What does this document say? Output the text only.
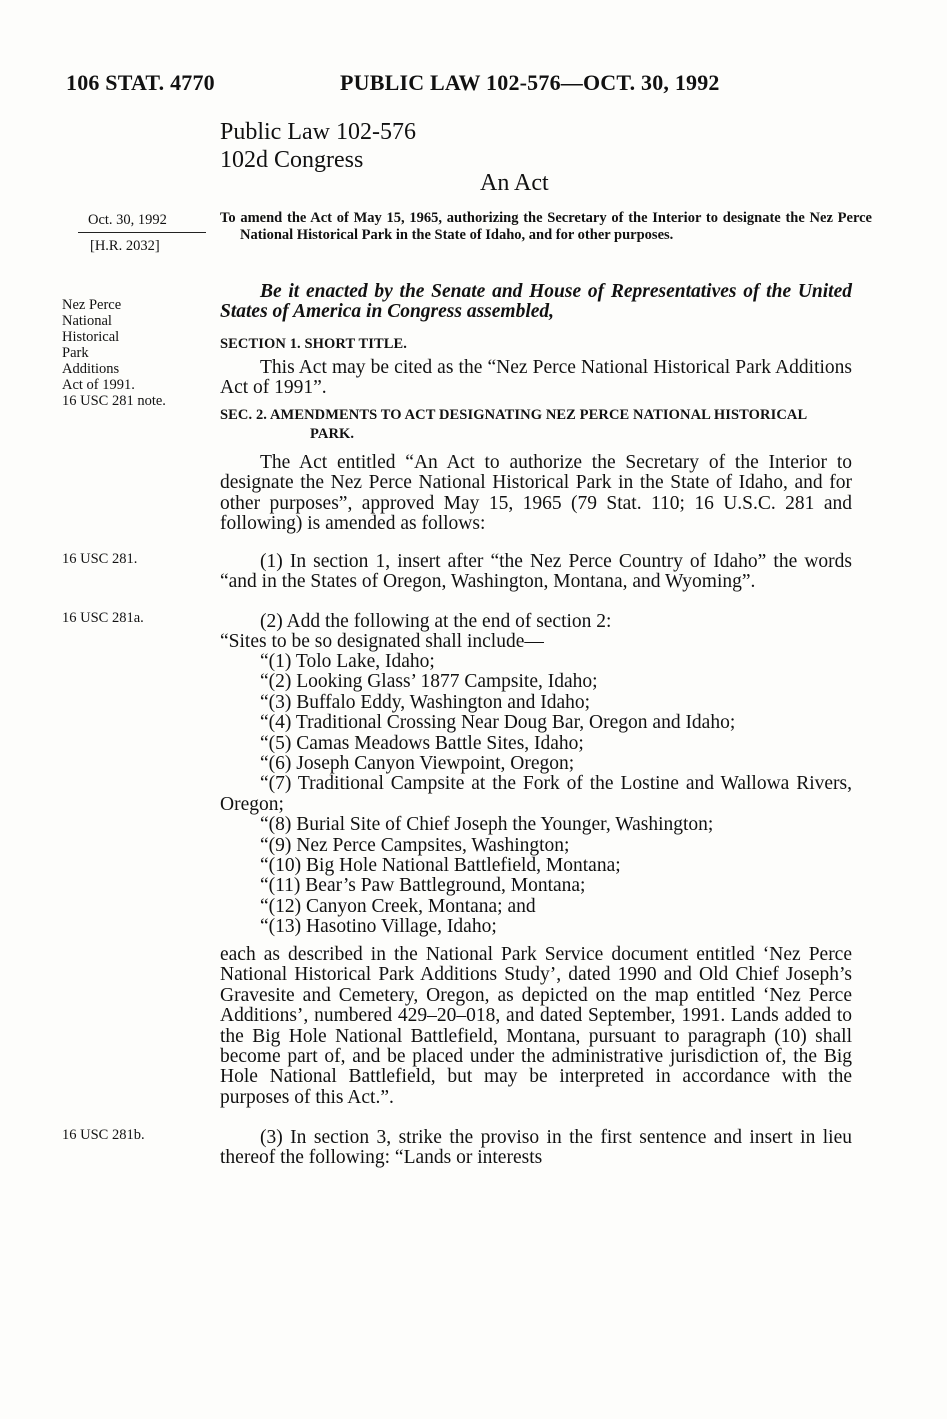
106 STAT. 4770	PUBLIC LAW 102-576—OCT. 30, 1992
Public Law 102-576
102d Congress
An Act
Oct. 30, 1992
[H.R. 2032]
Nez Perce
National
Historical
Park
Additions
Act of 1991.
16 USC 281 note.
16 USC 281.
16 USC 281a.
16 USC 281b.
To amend the Act of May 15, 1965, authorizing the Secretary of the Interior to designate the Nez Perce National Historical Park in the State of Idaho, and for other purposes.
Be it enacted by the Senate and House of Representatives of the United States of America in Congress assembled,
SECTION 1. SHORT TITLE.
This Act may be cited as the “Nez Perce National Historical Park Additions Act of 1991”.
SEC. 2. AMENDMENTS TO ACT DESIGNATING NEZ PERCE NATIONAL HISTORICAL PARK.
The Act entitled “An Act to authorize the Secretary of the Interior to designate the Nez Perce National Historical Park in the State of Idaho, and for other purposes”, approved May 15, 1965 (79 Stat. 110; 16 U.S.C. 281 and following) is amended as follows:
(1) In section 1, insert after “the Nez Perce Country of Idaho” the words “and in the States of Oregon, Washington, Montana, and Wyoming”.
(2) Add the following at the end of section 2:
“Sites to be so designated shall include—
“(1) Tolo Lake, Idaho;
“(2) Looking Glass’ 1877 Campsite, Idaho;
“(3) Buffalo Eddy, Washington and Idaho;
“(4) Traditional Crossing Near Doug Bar, Oregon and Idaho;
“(5) Camas Meadows Battle Sites, Idaho;
“(6) Joseph Canyon Viewpoint, Oregon;
“(7) Traditional Campsite at the Fork of the Lostine and Wallowa Rivers, Oregon;
“(8) Burial Site of Chief Joseph the Younger, Washington;
“(9) Nez Perce Campsites, Washington;
“(10) Big Hole National Battlefield, Montana;
“(11) Bear’s Paw Battleground, Montana;
“(12) Canyon Creek, Montana; and
“(13) Hasotino Village, Idaho;
each as described in the National Park Service document entitled ‘Nez Perce National Historical Park Additions Study’, dated 1990 and Old Chief Joseph’s Gravesite and Cemetery, Oregon, as depicted on the map entitled ‘Nez Perce Additions’, numbered 429–20–018, and dated September, 1991. Lands added to the Big Hole National Battlefield, Montana, pursuant to paragraph (10) shall become part of, and be placed under the administrative jurisdiction of, the Big Hole National Battlefield, but may be interpreted in accordance with the purposes of this Act.”.
(3) In section 3, strike the proviso in the first sentence and insert in lieu thereof the following: “Lands or interests
